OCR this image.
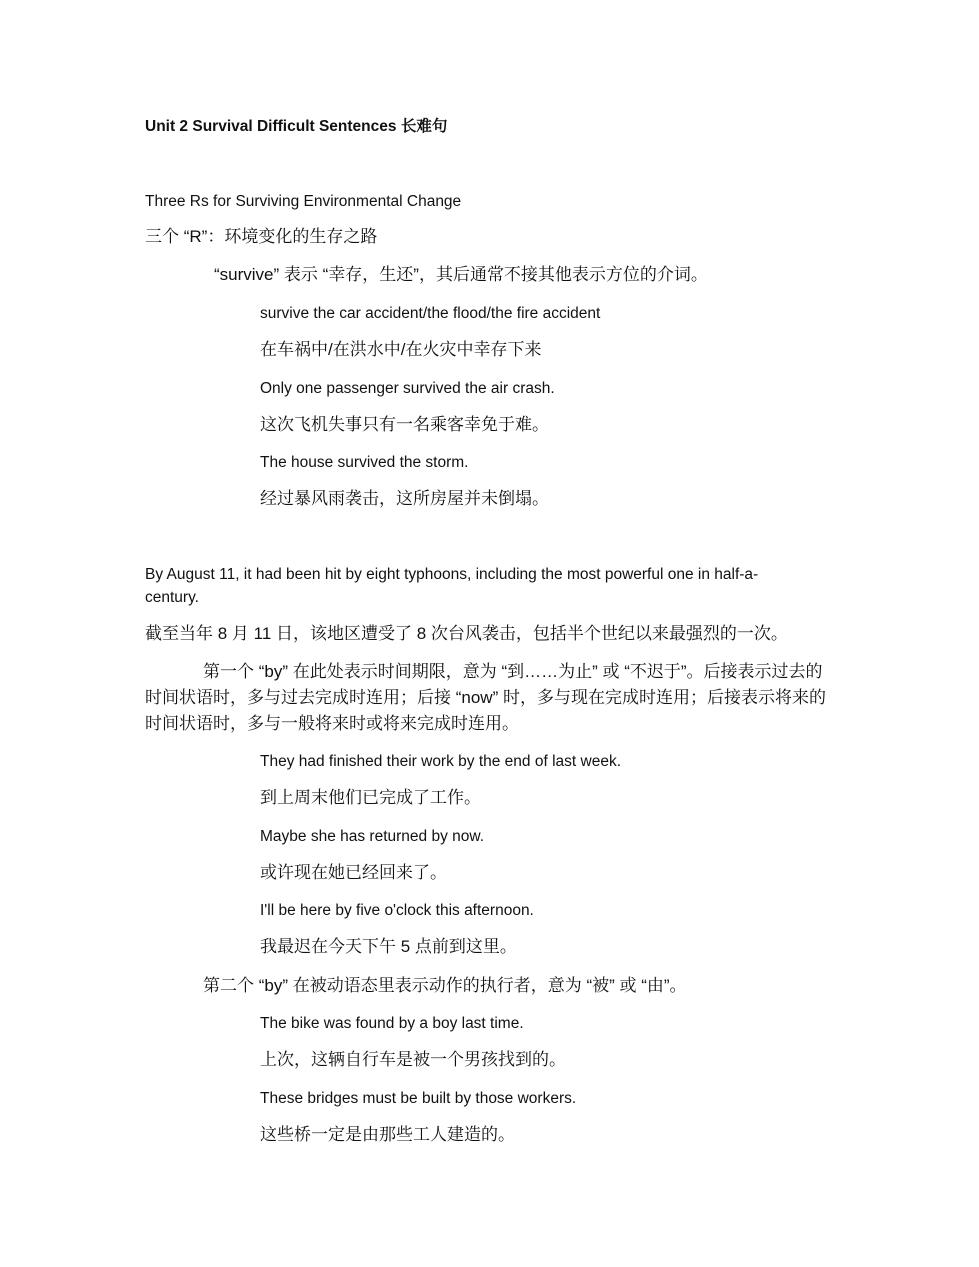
Unit 2 Survival Difficult Sentences 长难句
Three Rs for Surviving Environmental Change
三个 “R”：环境变化的生存之路
“survive” 表示 “幸存，生还”，其后通常不接其他表示方位的介词。
survive the car accident/the flood/the fire accident
在车祸中/在洪水中/在火灾中幸存下来
Only one passenger survived the air crash.
这次飞机失事只有一名乘客幸免于难。
The house survived the storm.
经过暴风雨袭击，这所房屋并未倒塌。
By August 11, it had been hit by eight typhoons, including the most powerful one in half-a-
century.
截至当年 8 月 11 日，该地区遭受了 8 次台风袭击，包括半个世纪以来最强烈的一次。
第一个 “by” 在此处表示时间期限，意为 “到……为止” 或 “不迟于”。后接表示过去的时间状语时，多与过去完成时连用；后接 “now” 时，多与现在完成时连用；后接表示将来的时间状语时，多与一般将来时或将来完成时连用。
They had finished their work by the end of last week.
到上周末他们已完成了工作。
Maybe she has returned by now.
或许现在她已经回来了。
I'll be here by five o'clock this afternoon.
我最迟在今天下午 5 点前到这里。
第二个 “by” 在被动语态里表示动作的执行者，意为 “被” 或 “由”。
The bike was found by a boy last time.
上次，这辆自行车是被一个男孩找到的。
These bridges must be built by those workers.
这些桥一定是由那些工人建造的。
